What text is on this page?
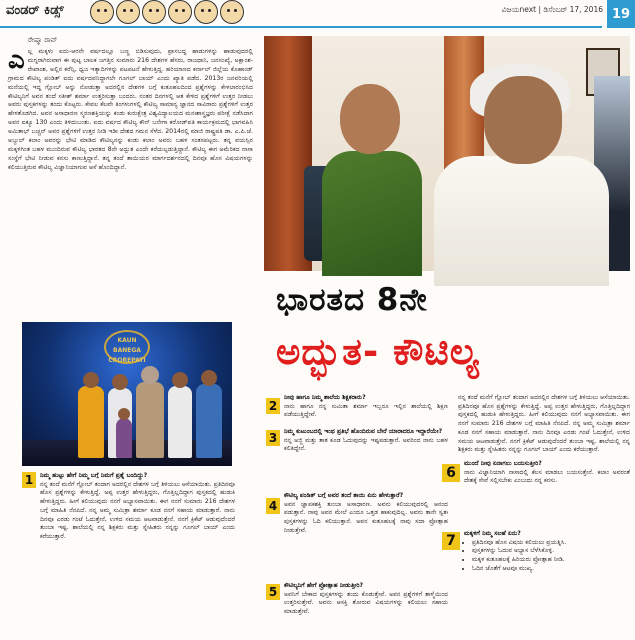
ವಂಡರ್ ಕಿಡ್ಸ್	ವಿಜಯnext | ಡಿಸೆಂಬರ್ 17, 2016 19
ರೇಷ್ಮಾ ರಾವ್
ಎಲ್ಲ ಮಕ್ಕಳು ಐದು-ಆರನೇ ವರ್ಷದಲ್ಲೂ ಬಣ್ಣ ಬಿಡಿಸುವುದು, ಪ್ರಾಸಬದ್ಧ ಹಾಡುಗಳನ್ನು ಹಾಡುವುದರಲ್ಲಿ ಮಗ್ನರಾಗಿರುವಾಗ ಈ ಪುಟ್ಟ ಬಾಲಕ ಜಗತ್ತಿನ ಸುಮಾರು 216 ದೇಶಗಳ ಹೆಸರು, ರಾಜಧಾನಿ, ಜನಸಂಖ್ಯೆ, ಅಕ್ಷಾಂಶ-ರೇಖಾಂಶ, ಅಲ್ಲಿನ ಕರೆನ್ಸಿ, ಧ್ವಜ ಇತ್ಯಾದಿಗಳನ್ನು ಪಟಪಟನೆ ಹೇಳುತ್ತಿದ್ದ. ಹರಿಯಾಣದ ಕರ್ನಾಲ್ ಜಿಲ್ಲೆಯ ಕೊಹಾಂಡ್ ಗ್ರಾಮದ ಕೌಟಿಲ್ಯ ಪಂಡಿತ್ ಐದು ವರ್ಷದವನಿದ್ದಾಗಲೇ ಗೂಗಲ್ ಬಾಯ್ ಎಂದು ಖ್ಯಾತಿ ಪಡೆದ. 2013ರ ಜನವರಿಯಲ್ಲಿ ಮನೆಯಲ್ಲಿ ಇದ್ದ ಗ್ಲೋಬ್ ಅನ್ನು ನೋಡುತ್ತಾ ಅದರಲ್ಲಿನ ದೇಶಗಳ ಬಗ್ಗೆ ಕುತೂಹಲದಿಂದ ಪ್ರಶ್ನೆಗಳನ್ನು ಕೇಳಲಾರಂಭಿಸಿದ ಕೌಟಿಲ್ಯನಿಗೆ ಅವನ ತಂದೆ ಸತೀಶ್ ಶರ್ಮಾ ಉತ್ತರಿಸುತ್ತಾ ಬಂದರು. ನಂತರ ದಿನಗಳಲ್ಲಿ ಆತ ಕೇಳಿದ ಪ್ರಶ್ನೆಗಳಿಗೆ ಉತ್ತರ ನೀಡಲು ಅವರು ಪುಸ್ತಕಗಳನ್ನು ತಂದು ಕೊಟ್ಟರು. ಕೇವಲ ಕೆಲವೇ ತಿಂಗಳುಗಳಲ್ಲಿ ಕೌಟಿಲ್ಯ ಸಾಮಾನ್ಯ ಜ್ಞಾನದ ಸಾವಿರಾರು ಪ್ರಶ್ನೆಗಳಿಗೆ ಉತ್ತರ ಹೇಳತೊಡಗಿದ. ಅವನ ಅಸಾಧಾರಣ ಸ್ಮರಣಶಕ್ತಿಯನ್ನು ಕಂಡು ಕುರುಕ್ಷೇತ್ರ ವಿಶ್ವವಿದ್ಯಾಲಯದ ಮನಃಶಾಸ್ತ್ರಜ್ಞರು ಪರೀಕ್ಷೆ ನಡೆಸಿದಾಗ ಅವನ ಐಕ್ಯೂ 130 ಎಂದು ತಿಳಿದುಬಂತು. ಐದು ವರ್ಷದ ಕೌಟಿಲ್ಯ ಕೌನ್ ಬನೇಗಾ ಕರೋಡ್‌ಪತಿ ಕಾರ್ಯಕ್ರಮದಲ್ಲಿ ಭಾಗವಹಿಸಿ ಅಮಿತಾಭ್ ಬಚ್ಚನ್ ಅವರ ಪ್ರಶ್ನೆಗಳಿಗೆ ಉತ್ತರ ನೀಡಿ ಇಡೀ ದೇಶದ ಗಮನ ಸೆಳೆದ. 2014ರಲ್ಲಿ ಮಾಜಿ ರಾಷ್ಟ್ರಪತಿ ಡಾ. ಎ.ಪಿ.ಜೆ. ಅಬ್ದುಲ್ ಕಲಾಂ ಅವರನ್ನು ಭೇಟಿ ಮಾಡಿದ ಕೌಟಿಲ್ಯನನ್ನು ಕಂಡು ಕಲಾಂ ಅವರು ಬಹಳ ಸಂತಸಪಟ್ಟರು. ತನ್ನ ವಯಸ್ಸಿನ ಮಕ್ಕಳಿಗಿಂತ ಬಹಳ ಮುಂದಿರುವ ಕೌಟಿಲ್ಯ ಭಾರತದ 8ನೇ ಅದ್ಭುತ ಎಂದೇ ಕರೆಯಲ್ಪಡುತ್ತಿದ್ದಾನೆ. ಕೌಟಿಲ್ಯ ಈಗ ಅಮೆರಿಕದ ನಾಸಾ ಸಂಸ್ಥೆಗೆ ಭೇಟಿ ನೀಡುವ ಕನಸು ಕಾಣುತ್ತಿದ್ದಾನೆ. ತನ್ನ ತಂದೆ ತಾಯಿಯರ ಮಾರ್ಗದರ್ಶನದಲ್ಲಿ ದಿನವೂ ಹೊಸ ವಿಷಯಗಳನ್ನು ಕಲಿಯುತ್ತಿರುವ ಕೌಟಿಲ್ಯ ವಿಜ್ಞಾನಿಯಾಗುವ ಆಸೆ ಹೊಂದಿದ್ದಾನೆ.
ಭಾರತದ 8ನೇ
ಅದ್ಭುತ- ಕೌಟಿಲ್ಯ
KAUN BANEGA CROREPATI
1	ನಿಮ್ಮ ಹುಟ್ಟು ಹೇಗೆ ನಿಮ್ಮ ಬಗ್ಗೆ ನಿಮಗೆ ಪ್ರಶ್ನೆ ಬಂದಿದ್ದು?
ನನ್ನ ತಂದೆ ಮನೆಗೆ ಗ್ಲೋಬ್ ತಂದಾಗ ಅದರಲ್ಲಿನ ದೇಶಗಳ ಬಗ್ಗೆ ತಿಳಿಯಲು ಆಸೆಯಾಯಿತು. ಪ್ರತಿದಿನವೂ ಹೊಸ ಪ್ರಶ್ನೆಗಳನ್ನು ಕೇಳುತ್ತಿದ್ದೆ. ಅಪ್ಪ ಉತ್ತರ ಹೇಳುತ್ತಿದ್ದರು, ಗೊತ್ತಿಲ್ಲದಿದ್ದಾಗ ಪುಸ್ತಕದಲ್ಲಿ ಹುಡುಕಿ ಹೇಳುತ್ತಿದ್ದರು. ಹೀಗೆ ಕಲಿಯುವುದು ನನಗೆ ಅಭ್ಯಾಸವಾಯಿತು. ಈಗ ನನಗೆ ಸುಮಾರು 216 ದೇಶಗಳ ಬಗ್ಗೆ ಮಾಹಿತಿ ನೆನಪಿದೆ. ನನ್ನ ಅಮ್ಮ ಸುಮಿತ್ರಾ ಶರ್ಮಾ ಕೂಡ ನನಗೆ ಸಹಾಯ ಮಾಡುತ್ತಾರೆ. ನಾನು ದಿನವೂ ಎರಡು ಗಂಟೆ ಓದುತ್ತೇನೆ, ಉಳಿದ ಸಮಯ ಆಟವಾಡುತ್ತೇನೆ. ನನಗೆ ಕ್ರಿಕೆಟ್ ಆಡುವುದೆಂದರೆ ತುಂಬಾ ಇಷ್ಟ. ಶಾಲೆಯಲ್ಲಿ ನನ್ನ ಶಿಕ್ಷಕರು ಮತ್ತು ಸ್ನೇಹಿತರು ನನ್ನನ್ನು ಗೂಗಲ್ ಬಾಯ್ ಎಂದು ಕರೆಯುತ್ತಾರೆ.
2
ನೀವು ಹಾಗೂ ನಿಮ್ಮ ಶಾಲೆಯ ಶಿಕ್ಷಕರಾರು?
ನಾನು ಹಾಗೂ ನನ್ನ ಸುಮಿತಾ ಶರ್ಮಾ ಇಬ್ಬರೂ ಇಲ್ಲಿನ ಶಾಲೆಯಲ್ಲಿ ಶಿಕ್ಷಣ ಪಡೆಯುತ್ತಿದ್ದೇವೆ.
3	ನಿಮ್ಮ ಕುಟುಂಬದಲ್ಲಿ ಇಂಥ ಪ್ರತಿಭೆ ಹೊಂದಿರುವ ಬೇರೆ ಯಾರಾದರೂ ಇದ್ದಾರೆಯೇ?
ನನ್ನ ಅಜ್ಜಿ ಮತ್ತು ತಾತ ಕೂಡ ಓದುವುದನ್ನು ಇಷ್ಟಪಡುತ್ತಾರೆ. ಅವರಿಂದ ನಾನು ಬಹಳ ಕಲಿತಿದ್ದೇನೆ.
4
ಕೌಟಿಲ್ಯ ಪಂಡಿತ್ ಬಗ್ಗೆ ಅವರ ತಂದೆ ತಾಯಿ ಏನು ಹೇಳುತ್ತಾರೆ?
ಅವನ ಜ್ಞಾಪಕಶಕ್ತಿ ತುಂಬಾ ಅಸಾಧಾರಣ. ಅವನು ಕಲಿಯುವುದರಲ್ಲಿ ಆನಂದ ಪಡುತ್ತಾನೆ. ನಾವು ಅವನ ಮೇಲೆ ಎಂದೂ ಒತ್ತಡ ಹಾಕುವುದಿಲ್ಲ. ಅವನು ತಾನೇ ಸ್ವತಃ ಪುಸ್ತಕಗಳನ್ನು ಓದಿ ಕಲಿಯುತ್ತಾನೆ. ಅವನ ಕುತೂಹಲಕ್ಕೆ ನಾವು ಸದಾ ಪ್ರೋತ್ಸಾಹ ನೀಡುತ್ತೇವೆ.
5	ಕೌಟಿಲ್ಯನಿಗೆ ಹೇಗೆ ಪ್ರೋತ್ಸಾಹ ನೀಡುತ್ತೀರಿ?
ಅವನಿಗೆ ಬೇಕಾದ ಪುಸ್ತಕಗಳನ್ನು ತಂದು ಕೊಡುತ್ತೇವೆ. ಅವನ ಪ್ರಶ್ನೆಗಳಿಗೆ ತಾಳ್ಮೆಯಿಂದ ಉತ್ತರಿಸುತ್ತೇವೆ. ಅವನು ಆಸಕ್ತಿ ತೋರುವ ವಿಷಯಗಳನ್ನು ಕಲಿಯಲು ಸಹಾಯ ಮಾಡುತ್ತೇವೆ.
ನನ್ನ ತಂದೆ ಮನೆಗೆ ಗ್ಲೋಬ್ ತಂದಾಗ ಅದರಲ್ಲಿನ ದೇಶಗಳ ಬಗ್ಗೆ ತಿಳಿಯಲು ಆಸೆಯಾಯಿತು. ಪ್ರತಿದಿನವೂ ಹೊಸ ಪ್ರಶ್ನೆಗಳನ್ನು ಕೇಳುತ್ತಿದ್ದೆ. ಅಪ್ಪ ಉತ್ತರ ಹೇಳುತ್ತಿದ್ದರು, ಗೊತ್ತಿಲ್ಲದಿದ್ದಾಗ ಪುಸ್ತಕದಲ್ಲಿ ಹುಡುಕಿ ಹೇಳುತ್ತಿದ್ದರು. ಹೀಗೆ ಕಲಿಯುವುದು ನನಗೆ ಅಭ್ಯಾಸವಾಯಿತು. ಈಗ ನನಗೆ ಸುಮಾರು 216 ದೇಶಗಳ ಬಗ್ಗೆ ಮಾಹಿತಿ ನೆನಪಿದೆ. ನನ್ನ ಅಮ್ಮ ಸುಮಿತ್ರಾ ಶರ್ಮಾ ಕೂಡ ನನಗೆ ಸಹಾಯ ಮಾಡುತ್ತಾರೆ. ನಾನು ದಿನವೂ ಎರಡು ಗಂಟೆ ಓದುತ್ತೇನೆ, ಉಳಿದ ಸಮಯ ಆಟವಾಡುತ್ತೇನೆ. ನನಗೆ ಕ್ರಿಕೆಟ್ ಆಡುವುದೆಂದರೆ ತುಂಬಾ ಇಷ್ಟ. ಶಾಲೆಯಲ್ಲಿ ನನ್ನ ಶಿಕ್ಷಕರು ಮತ್ತು ಸ್ನೇಹಿತರು ನನ್ನನ್ನು ಗೂಗಲ್ ಬಾಯ್ ಎಂದು ಕರೆಯುತ್ತಾರೆ.
6
ಮುಂದೆ ನೀವು ಏನಾಗಲು ಬಯಸುತ್ತೀರಿ?
ನಾನು ವಿಜ್ಞಾನಿಯಾಗಿ ನಾಸಾದಲ್ಲಿ ಕೆಲಸ ಮಾಡಲು ಬಯಸುತ್ತೇನೆ. ಕಲಾಂ ಅವರಂತೆ ದೇಶಕ್ಕೆ ಸೇವೆ ಸಲ್ಲಿಸಬೇಕು ಎಂಬುದು ನನ್ನ ಕನಸು.
7	ಮಕ್ಕಳಿಗೆ ನಿಮ್ಮ ಸಲಹೆ ಏನು?
• ಪ್ರತಿದಿನವೂ ಹೊಸ ವಿಷಯ ಕಲಿಯಲು ಪ್ರಯತ್ನಿಸಿ.
• ಪುಸ್ತಕಗಳನ್ನು ಓದುವ ಅಭ್ಯಾಸ ಬೆಳೆಸಿಕೊಳ್ಳಿ.
• ಮಕ್ಕಳ ಕುತೂಹಲಕ್ಕೆ ಹಿರಿಯರು ಪ್ರೋತ್ಸಾಹ ನೀಡಿ.
• ಓದಿನ ಜೊತೆಗೆ ಆಟವೂ ಮುಖ್ಯ.
